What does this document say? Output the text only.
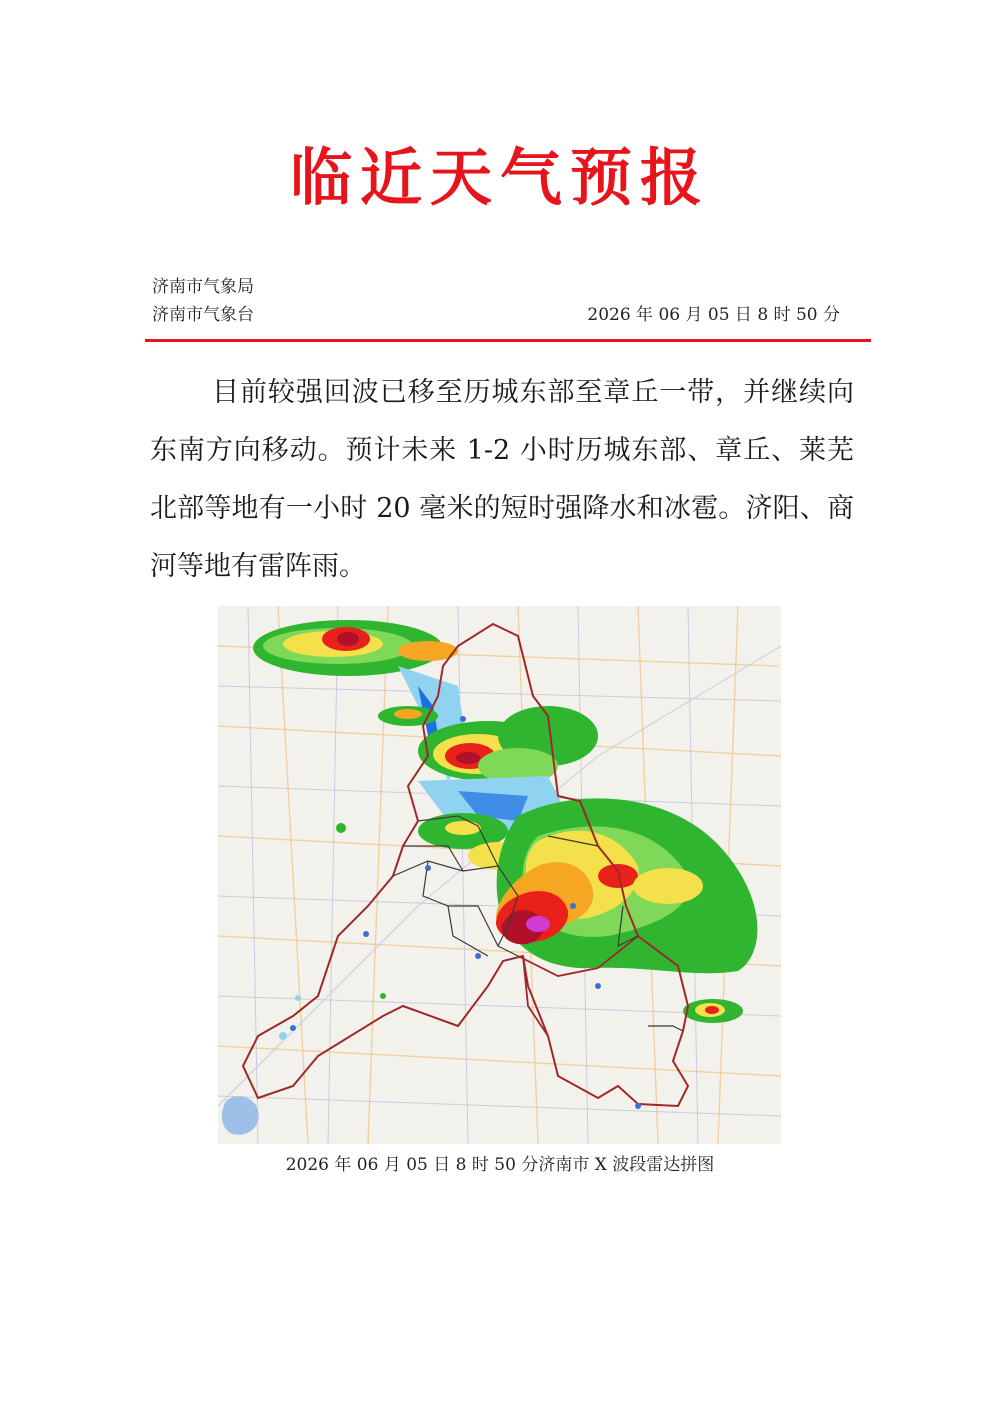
临近天气预报
济南市气象局
济南市气象台	2026 年 06 月 05 日 8 时 50 分
目前较强回波已移至历城东部至章丘一带，并继续向东南方向移动。预计未来 1-2 小时历城东部、章丘、莱芜北部等地有一小时 20 毫米的短时强降水和冰雹。济阳、商河等地有雷阵雨。
2026 年 06 月 05 日 8 时 50 分济南市 X 波段雷达拼图
